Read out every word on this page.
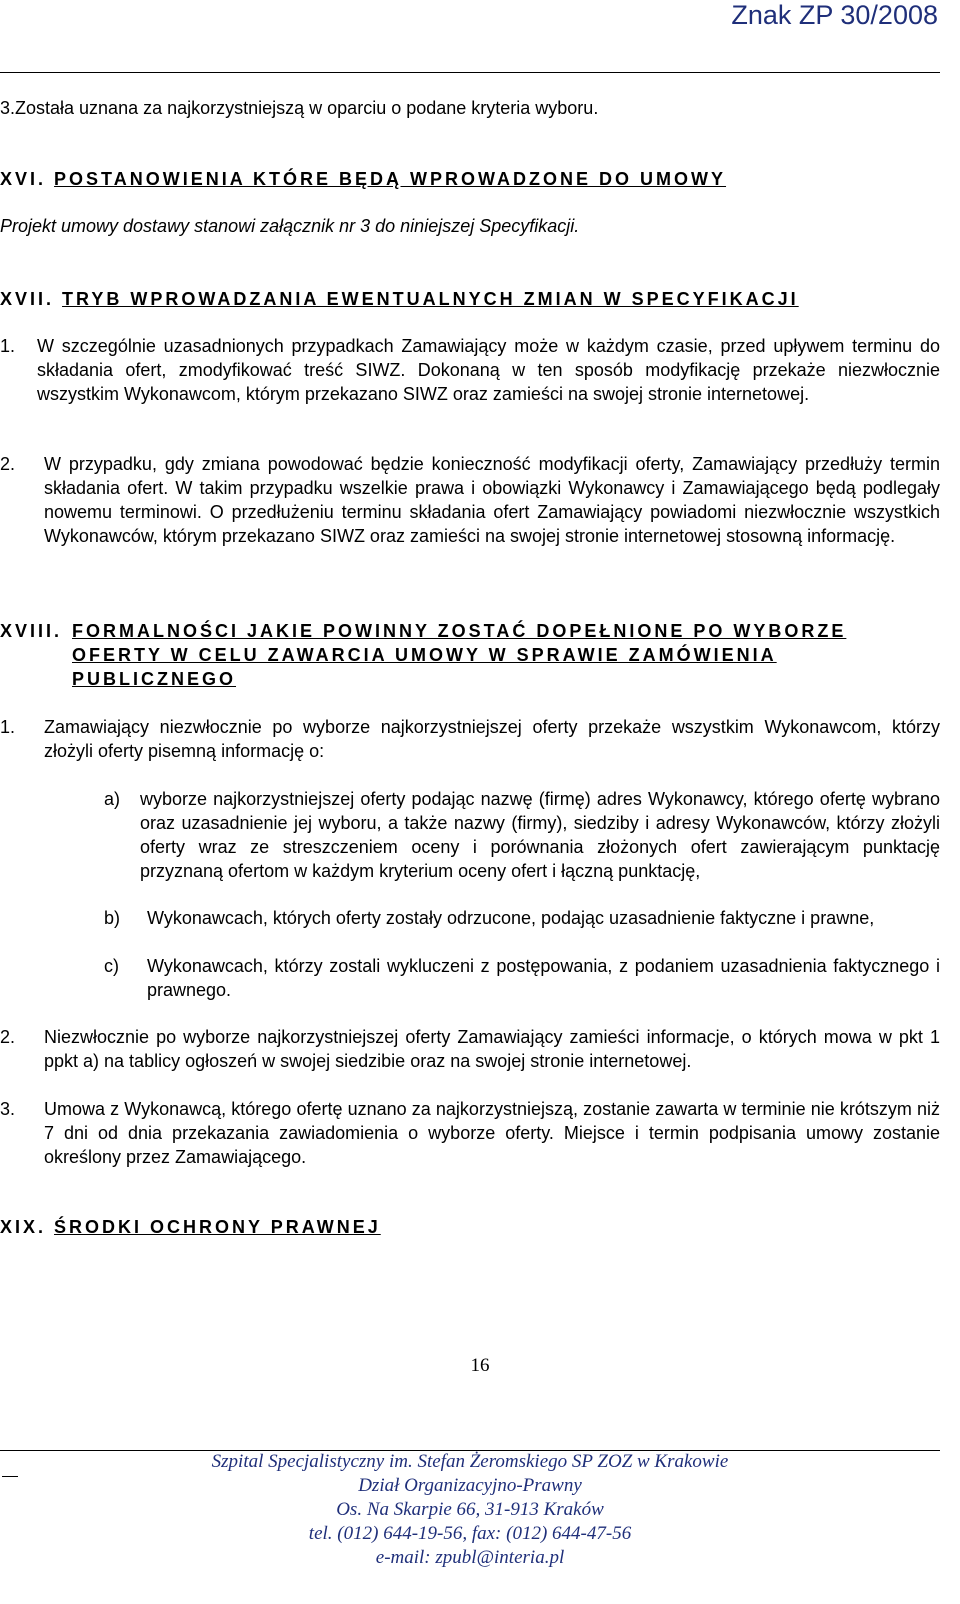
Znak ZP 30/2008
3.Została uznana za najkorzystniejszą w oparciu o podane kryteria wyboru.
XVI. POSTANOWIENIA KTÓRE BĘDĄ WPROWADZONE DO UMOWY
Projekt umowy dostawy stanowi załącznik nr 3 do niniejszej Specyfikacji.
XVII. TRYB WPROWADZANIA EWENTUALNYCH ZMIAN W SPECYFIKACJI
1. W szczególnie uzasadnionych przypadkach Zamawiający może w każdym czasie, przed upływem terminu do składania ofert, zmodyfikować treść SIWZ. Dokonaną w ten sposób modyfikację przekaże niezwłocznie wszystkim Wykonawcom, którym przekazano SIWZ oraz zamieści na swojej stronie internetowej.
2. W przypadku, gdy zmiana powodować będzie konieczność modyfikacji oferty, Zamawiający przedłuży termin składania ofert. W takim przypadku wszelkie prawa i obowiązki Wykonawcy i Zamawiającego będą podlegały nowemu terminowi. O przedłużeniu terminu składania ofert Zamawiający powiadomi niezwłocznie wszystkich Wykonawców, którym przekazano SIWZ oraz zamieści na swojej stronie internetowej stosowną informację.
XVIII. FORMALNOŚCI JAKIE POWINNY ZOSTAĆ DOPEŁNIONE PO WYBORZE
OFERTY W CELU ZAWARCIA UMOWY W SPRAWIE ZAMÓWIENIA
PUBLICZNEGO
1. Zamawiający niezwłocznie po wyborze najkorzystniejszej oferty przekaże wszystkim Wykonawcom, którzy złożyli oferty pisemną informację o:
a) wyborze najkorzystniejszej oferty podając nazwę (firmę) adres Wykonawcy, którego ofertę wybrano oraz uzasadnienie jej wyboru, a także nazwy (firmy), siedziby i adresy Wykonawców, którzy złożyli oferty wraz ze streszczeniem oceny i porównania złożonych ofert zawierającym punktację przyznaną ofertom w każdym kryterium oceny ofert i łączną punktację,
b) Wykonawcach, których oferty zostały odrzucone, podając uzasadnienie faktyczne i prawne,
c) Wykonawcach, którzy zostali wykluczeni z postępowania, z podaniem uzasadnienia faktycznego i prawnego.
2. Niezwłocznie po wyborze najkorzystniejszej oferty Zamawiający zamieści informacje, o których mowa w pkt 1 ppkt a) na tablicy ogłoszeń w swojej siedzibie oraz na swojej stronie internetowej.
3. Umowa z Wykonawcą, którego ofertę uznano za najkorzystniejszą, zostanie zawarta w terminie nie krótszym niż 7 dni od dnia przekazania zawiadomienia o wyborze oferty. Miejsce i termin podpisania umowy zostanie określony przez Zamawiającego.
XIX. ŚRODKI OCHRONY PRAWNEJ
16
Szpital Specjalistyczny im. Stefan Żeromskiego SP ZOZ w Krakowie
Dział Organizacyjno-Prawny
Os. Na Skarpie 66, 31-913 Kraków
tel. (012) 644-19-56, fax: (012) 644-47-56
e-mail: zpubl@interia.pl
